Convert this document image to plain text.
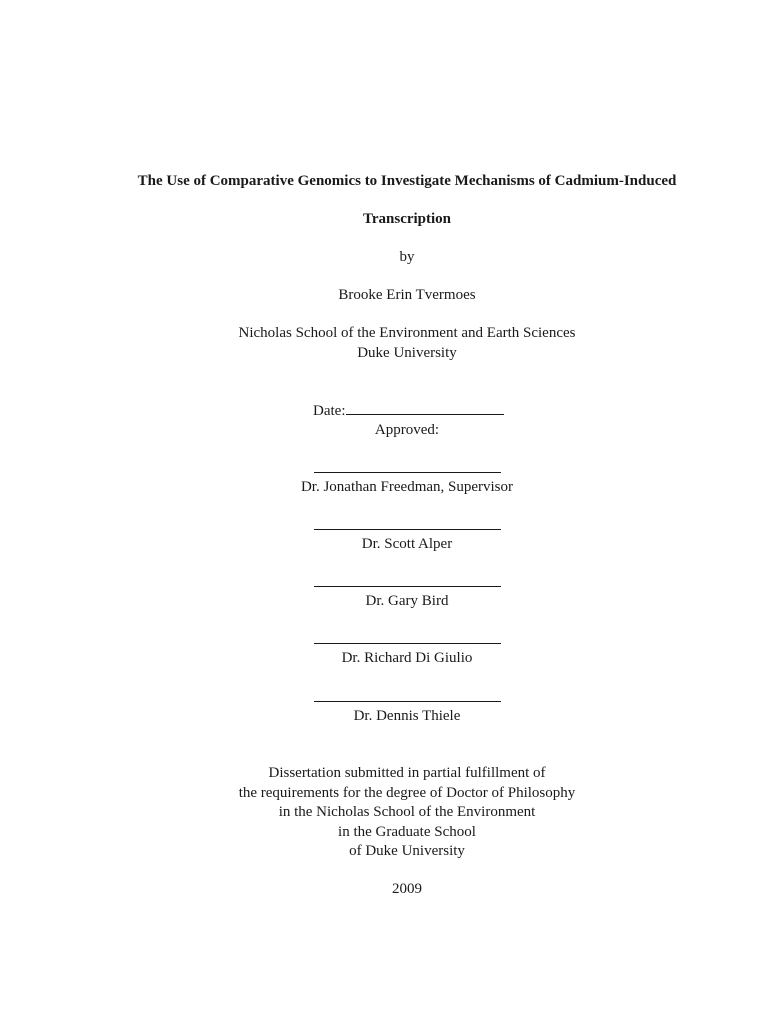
The Use of Comparative Genomics to Investigate Mechanisms of Cadmium-Induced
Transcription
by
Brooke Erin Tvermoes
Nicholas School of the Environment and Earth Sciences
Duke University
Date:
Approved:
Dr. Jonathan Freedman, Supervisor
Dr. Scott Alper
Dr. Gary Bird
Dr. Richard Di Giulio
Dr. Dennis Thiele
Dissertation submitted in partial fulfillment of
the requirements for the degree of Doctor of Philosophy
in the Nicholas School of the Environment
in the Graduate School
of Duke University
2009
